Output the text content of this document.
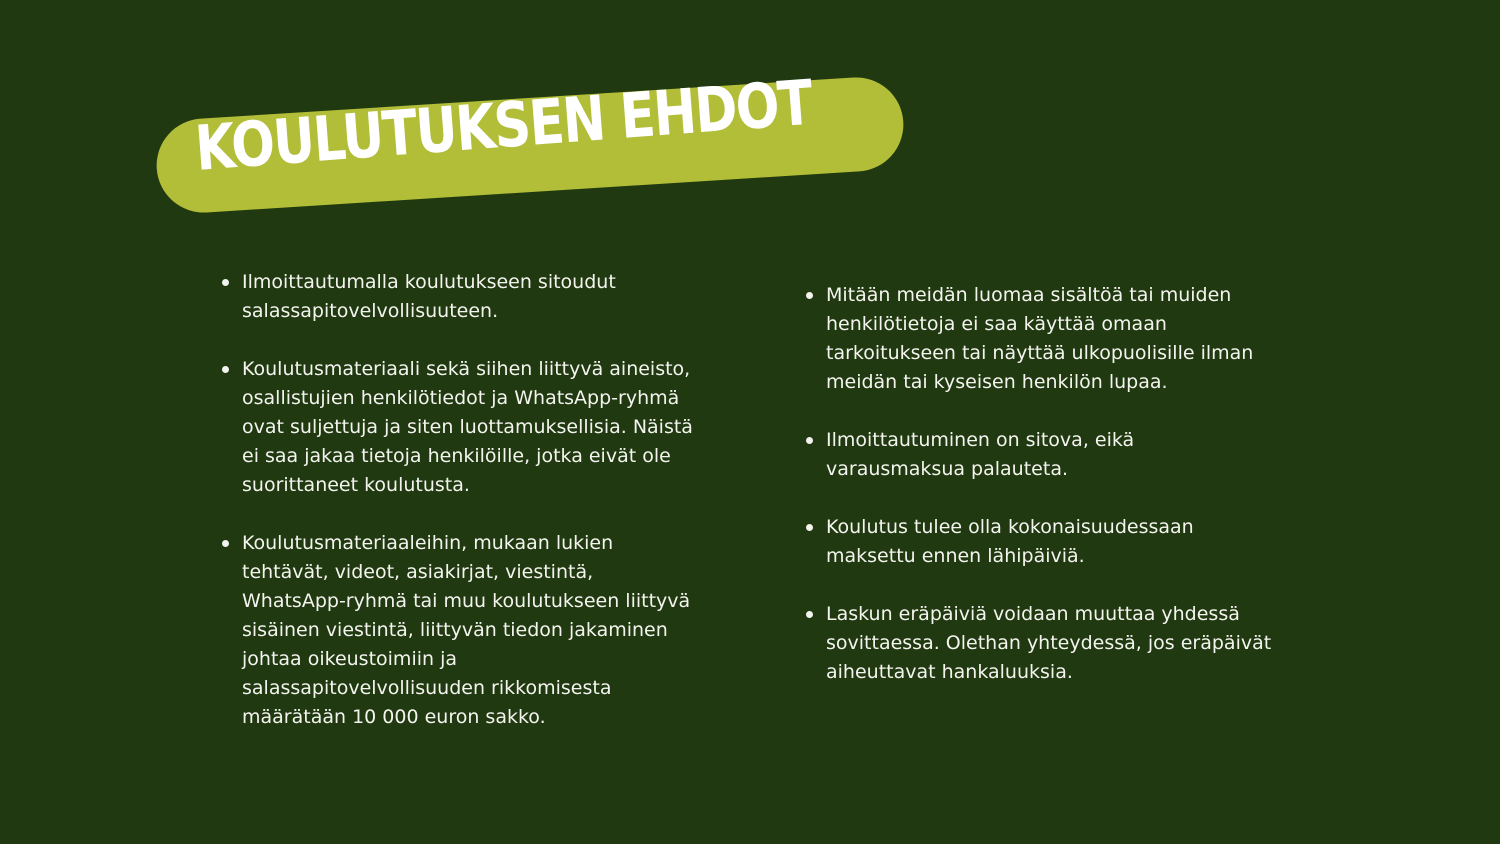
KOULUTUKSEN EHDOT
Ilmoittautumalla koulutukseen sitoudut salassapitovelvollisuuteen.
Koulutusmateriaali sekä siihen liittyvä aineisto, osallistujien henkilötiedot ja WhatsApp-ryhmä ovat suljettuja ja siten luottamuksellisia. Näistä ei saa jakaa tietoja henkilöille, jotka eivät ole suorittaneet koulutusta.
Koulutusmateriaaleihin, mukaan lukien tehtävät, videot, asiakirjat, viestintä, WhatsApp-ryhmä tai muu koulutukseen liittyvä sisäinen viestintä, liittyvän tiedon jakaminen johtaa oikeustoimiin ja salassapitovelvollisuuden rikkomisesta määrätään 10 000 euron sakko.
Mitään meidän luomaa sisältöä tai muiden henkilötietoja ei saa käyttää omaan tarkoitukseen tai näyttää ulkopuolisille ilman meidän tai kyseisen henkilön lupaa.
Ilmoittautuminen on sitova, eikä varausmaksua palauteta.
Koulutus tulee olla kokonaisuudessaan maksettu ennen lähipäiviä.
Laskun eräpäiviä voidaan muuttaa yhdessä sovittaessa. Olethan yhteydessä, jos eräpäivät aiheuttavat hankaluuksia.
